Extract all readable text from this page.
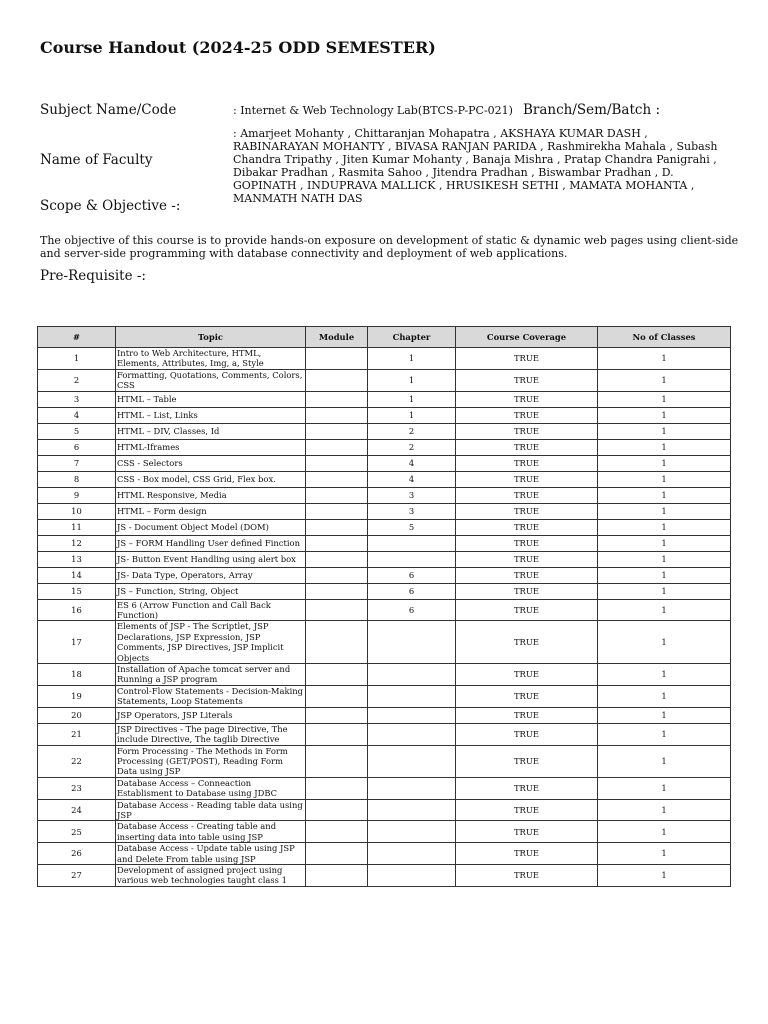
Course Handout (2024-25 ODD SEMESTER)
Subject Name/Code	: Internet & Web Technology Lab(BTCS-P-PC-021) Branch/Sem/Batch :
: Amarjeet Mohanty , Chittaranjan Mohapatra , AKSHAYA KUMAR DASH , RABINARAYAN MOHANTY , BIVASA RANJAN PARIDA , Rashmirekha Mahala , Subash Chandra Tripathy , Jiten Kumar Mohanty , Banaja Mishra , Pratap Chandra Panigrahi , Dibakar Pradhan , Rasmita Sahoo , Jitendra Pradhan , Biswambar Pradhan , D. GOPINATH , INDUPRAVA MALLICK , HRUSIKESH SETHI , MAMATA MOHANTA , MANMATH NATH DAS
Name of Faculty
Scope & Objective -:
The objective of this course is to provide hands-on exposure on development of static & dynamic web pages using client-side and server-side programming with database connectivity and deployment of web applications.
Pre-Requisite -:
#	Topic	Module	Chapter	Course Coverage	No of Classes
1	Intro to Web Architecture, HTML, Elements, Attributes, Img, a, Style		1	TRUE	1
2	Formatting, Quotations, Comments, Colors, CSS		1	TRUE	1
3	HTML – Table		1	TRUE	1
4	HTML – List, Links		1	TRUE	1
5	HTML – DIV, Classes, Id		2	TRUE	1
6	HTML-Iframes		2	TRUE	1
7	CSS - Selectors		4	TRUE	1
8	CSS - Box model, CSS Grid, Flex box.		4	TRUE	1
9	HTML Responsive, Media		3	TRUE	1
10	HTML – Form design		3	TRUE	1
11	JS - Document Object Model (DOM)		5	TRUE	1
12	JS – FORM Handling User defined Finction			TRUE	1
13	JS- Button Event Handling using alert box			TRUE	1
14	JS- Data Type, Operators, Array		6	TRUE	1
15	JS – Function, String, Object		6	TRUE	1
16	ES 6 (Arrow Function and Call Back Function)		6	TRUE	1
17	Elements of JSP - The Scriptlet, JSP Declarations, JSP Expression, JSP Comments, JSP Directives, JSP Implicit Objects			TRUE	1
18	Installation of Apache tomcat server and Running a JSP program			TRUE	1
19	Control-Flow Statements - Decision-Making Statements, Loop Statements			TRUE	1
20	JSP Operators, JSP Literals			TRUE	1
21	JSP Directives - The page Directive, The include Directive, The taglib Directive			TRUE	1
22	Form Processing - The Methods in Form Processing (GET/POST), Reading Form Data using JSP			TRUE	1
23	Database Access – Conneaction Establisment to Database using JDBC			TRUE	1
24	Database Access - Reading table data using JSP			TRUE	1
25	Database Access - Creating table and inserting data into table using JSP			TRUE	1
26	Database Access - Update table using JSP and Delete From table using JSP			TRUE	1
27	Development of assigned project using various web technologies taught class 1			TRUE	1
